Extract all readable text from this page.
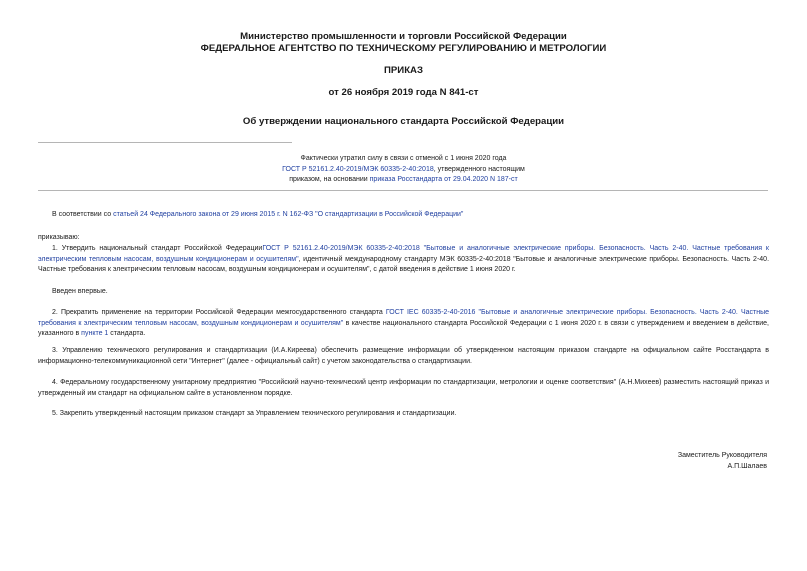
Министерство промышленности и торговли Российской Федерации
ФЕДЕРАЛЬНОЕ АГЕНТСТВО ПО ТЕХНИЧЕСКОМУ РЕГУЛИРОВАНИЮ И МЕТРОЛОГИИ
ПРИКАЗ
от 26 ноября 2019 года N 841-ст
Об утверждении национального стандарта Российской Федерации
Фактически утратил силу в связи с отменой с 1 июня 2020 года
ГОСТ Р 52161.2.40-2019/МЭК 60335-2-40:2018, утвержденного настоящим
приказом, на основании приказа Росстандарта от 29.04.2020 N 187-ст
В соответствии со статьей 24 Федерального закона от 29 июня 2015 г. N 162-ФЗ "О стандартизации в Российской Федерации"
приказываю:
1. Утвердить национальный стандарт Российской ФедерацииГОСТ Р 52161.2.40-2019/МЭК 60335-2-40:2018 "Бытовые и аналогичные электрические приборы. Безопасность. Часть 2-40. Частные требования к электрическим тепловым насосам, воздушным кондиционерам и осушителям", идентичный международному стандарту МЭК 60335-2-40:2018 "Бытовые и аналогичные электрические приборы. Безопасность. Часть 2-40. Частные требования к электрическим тепловым насосам, воздушным кондиционерам и осушителям", с датой введения в действие 1 июня 2020 г.
Введен впервые.
2. Прекратить применение на территории Российской Федерации межгосударственного стандарта ГОСТ IEC 60335-2-40-2016 "Бытовые и аналогичные электрические приборы. Безопасность. Часть 2-40. Частные требования к электрическим тепловым насосам, воздушным кондиционерам и осушителям" в качестве национального стандарта Российской Федерации с 1 июня 2020 г. в связи с утверждением и введением в действие, указанного в пункте 1 стандарта.
3. Управлению технического регулирования и стандартизации (И.А.Киреева) обеспечить размещение информации об утвержденном настоящим приказом стандарте на официальном сайте Росстандарта в информационно-телекоммуникационной сети "Интернет" (далее - официальный сайт) с учетом законодательства о стандартизации.
4. Федеральному государственному унитарному предприятию "Российский научно-технический центр информации по стандартизации, метрологии и оценке соответствия" (А.Н.Михеев) разместить настоящий приказ и утвержденный им стандарт на официальном сайте в установленном порядке.
5. Закрепить утвержденный настоящим приказом стандарт за Управлением технического регулирования и стандартизации.
Заместитель Руководителя
А.П.Шалаев
